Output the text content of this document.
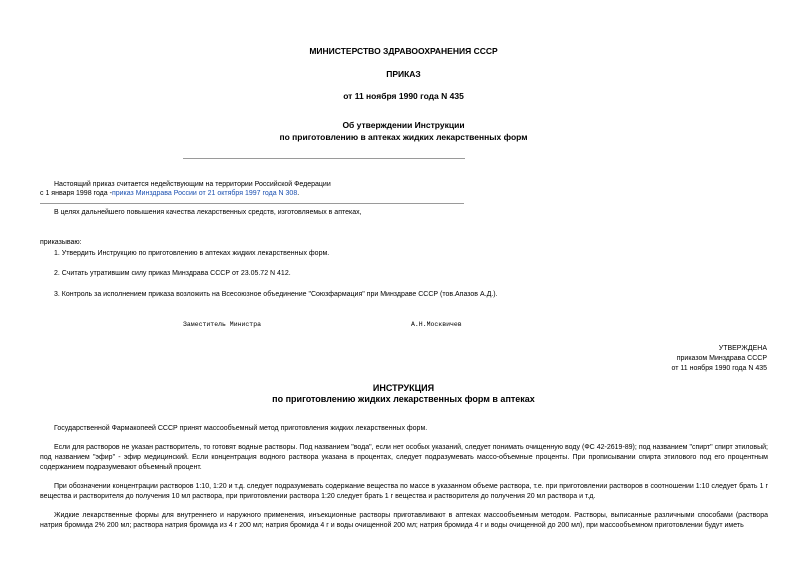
МИНИСТЕРСТВО ЗДРАВООХРАНЕНИЯ СССР
ПРИКАЗ
от 11 ноября 1990 года N 435
Об утверждении Инструкции
по приготовлению в аптеках жидких лекарственных форм
Настоящий приказ считается недействующим на территории Российской Федерации
с 1 января 1998 года -приказ Минздрава России от 21 октября 1997 года N 308.
В целях дальнейшего повышения качества лекарственных средств, изготовляемых в аптеках,
приказываю:
1. Утвердить Инструкцию по приготовлению в аптеках жидких лекарственных форм.
2. Считать утратившим силу приказ Минздрава СССР от 23.05.72 N 412.
3. Контроль за исполнением приказа возложить на Всесоюзное объединение "Союзфармация" при Минздраве СССР (тов.Апазов А.Д.).
Заместитель Министра	А.Н.Москвичев
УТВЕРЖДЕНА
приказом Минздрава СССР
от 11 ноября 1990 года N 435
ИНСТРУКЦИЯ
по приготовлению жидких лекарственных форм в аптеках

Государственной Фармакопеей СССР принят массообъемный метод приготовления жидких лекарственных форм.

Если для растворов не указан растворитель, то готовят водные растворы. Под названием "вода", если нет особых указаний, следует понимать очищенную воду (ФС 42-2619-89); под названием "спирт" спирт этиловый; под названием "эфир" - эфир медицинский. Если концентрация водного раствора указана в процентах, следует подразумевать массо-объемные проценты. При прописывании спирта этилового под его процентным содержанием подразумевают объемный процент.

При обозначении концентрации растворов 1:10, 1:20 и т.д. следует подразумевать содержание вещества по массе в указанном объеме раствора, т.е. при приготовлении растворов в соотношении 1:10 следует брать 1 г вещества и растворителя до получения 10 мл раствора, при приготовлении раствора 1:20 следует брать 1 г вещества и растворителя до получения 20 мл раствора и т.д.

Жидкие лекарственные формы для внутреннего и наружного применения, инъекционные растворы приготавливают в аптеках массообъемным методом. Растворы, выписанные различными способами (раствора натрия бромида 2% 200 мл; раствора натрия бромида из 4 г 200 мл; натрия бромида 4 г и воды очищенной 200 мл; натрия бромида 4 г и воды очищенной до 200 мл), при массообъемном приготовлении будут иметь
